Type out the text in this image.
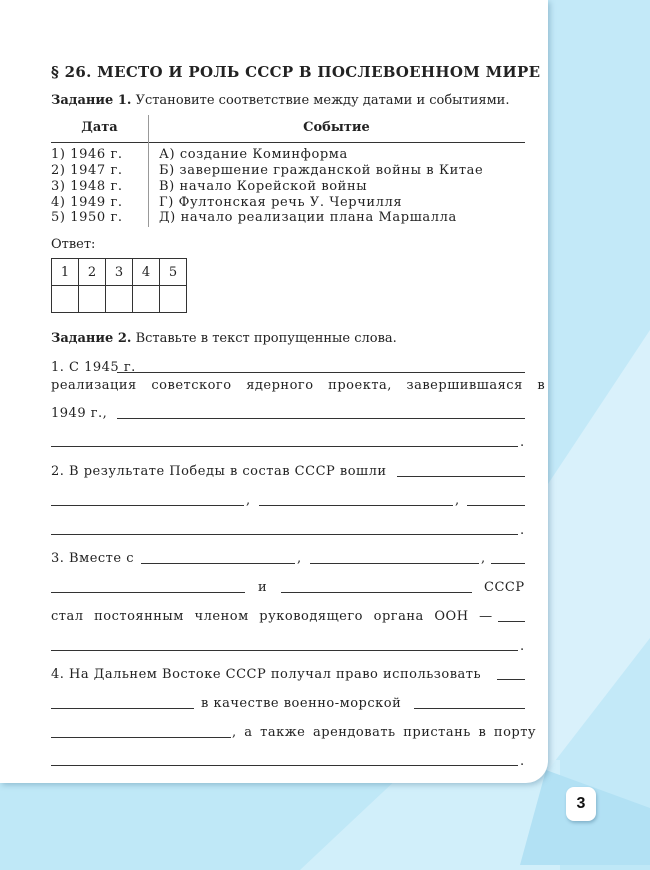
§ 26. МЕСТО И РОЛЬ СССР В ПОСЛЕВОЕННОМ МИРЕ
Задание 1. Установите соответствие между датами и событиями.
Дата	Событие
1) 1946 г.	А) создание Коминформа
2) 1947 г.	Б) завершение гражданской войны в Китае
3) 1948 г.	В) начало Корейской войны
4) 1949 г.	Г) Фултонская речь У. Черчилля
5) 1950 г.	Д) начало реализации плана Маршалла
Ответ:
1	2	3	4	5

Задание 2. Вставьте в текст пропущенные слова.
1. С 1945 г.
реализация советского ядерного проекта, завершившаяся в
1949 г.,
.
2. В результате Победы в состав СССР вошли
,	,
.
3. Вместе с	,	,
и	СССР
стал постоянным членом руководящего органа ООН —
.
4. На Дальнем Востоке СССР получал право использовать
в качестве военно-морской
, а также арендовать пристань в порту
.
3
